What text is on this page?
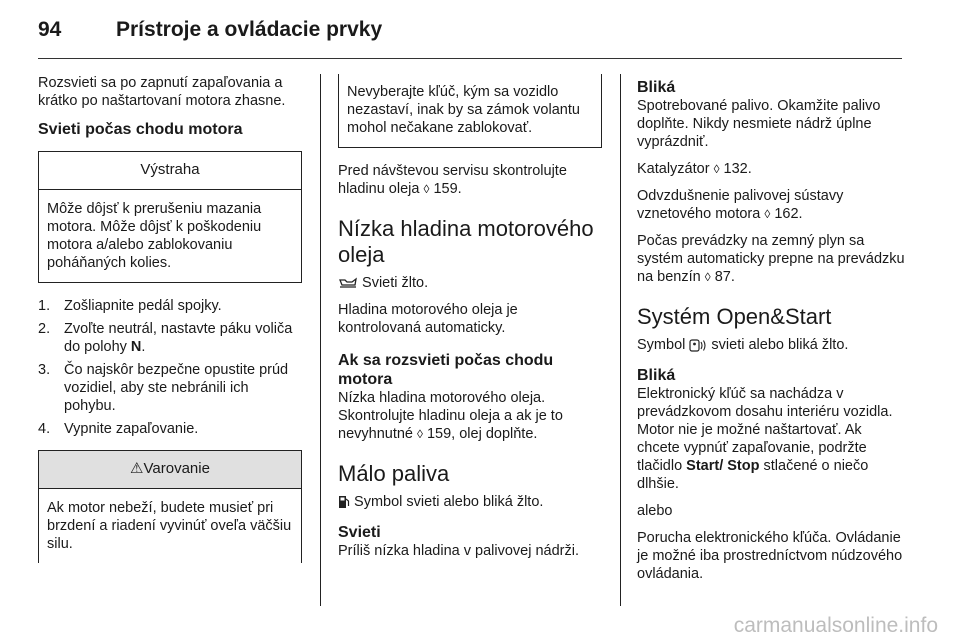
94	Prístroje a ovládacie prvky

Rozsvieti sa po zapnutí zapaľovania a krátko po naštartovaní motora zhasne.

Svieti počas chodu motora
Výstraha
Môže dôjsť k prerušeniu mazania motora. Môže dôjsť k poškodeniu motora a/alebo zablokovaniu poháňaných kolies.
1. Zošliapnite pedál spojky.
2. Zvoľte neutrál, nastavte páku voliča do polohy N.
3. Čo najskôr bezpečne opustite prúd vozidiel, aby ste nebránili ich pohybu.
4. Vypnite zapaľovanie.
⚠Varovanie
Ak motor nebeží, budete musieť pri brzdení a riadení vyvinúť oveľa väčšiu silu.
Nevyberajte kľúč, kým sa vozidlo nezastaví, inak by sa zámok volantu mohol nečakane zablokovať.

Pred návštevou servisu skontrolujte hladinu oleja ◊ 159.

Nízka hladina motorového oleja

Svieti žlto.

Hladina motorového oleja je kontrolovaná automaticky.

Ak sa rozsvieti počas chodu motora

Nízka hladina motorového oleja. Skontrolujte hladinu oleja a ak je to nevyhnutné ◊ 159, olej doplňte.

Málo paliva

Symbol svieti alebo bliká žlto.

Svieti

Príliš nízka hladina v palivovej nádrži.

Bliká

Spotrebované palivo. Okamžite palivo doplňte. Nikdy nesmiete nádrž úplne vyprázdniť.

Katalyzátor ◊ 132.

Odvzdušnenie palivovej sústavy vznetového motora ◊ 162.

Počas prevádzky na zemný plyn sa systém automaticky prepne na prevádzku na benzín ◊ 87.

Systém Open&Start

Symbol  svieti alebo bliká žlto.

Bliká

Elektronický kľúč sa nachádza v prevádzkovom dosahu interiéru vozidla. Motor nie je možné naštartovať. Ak chcete vypnúť zapaľovanie, podržte tlačidlo Start/ Stop stlačené o niečo dlhšie.

alebo

Porucha elektronického kľúča. Ovládanie je možné iba prostredníctvom núdzového ovládania.

carmanualsonline.info
